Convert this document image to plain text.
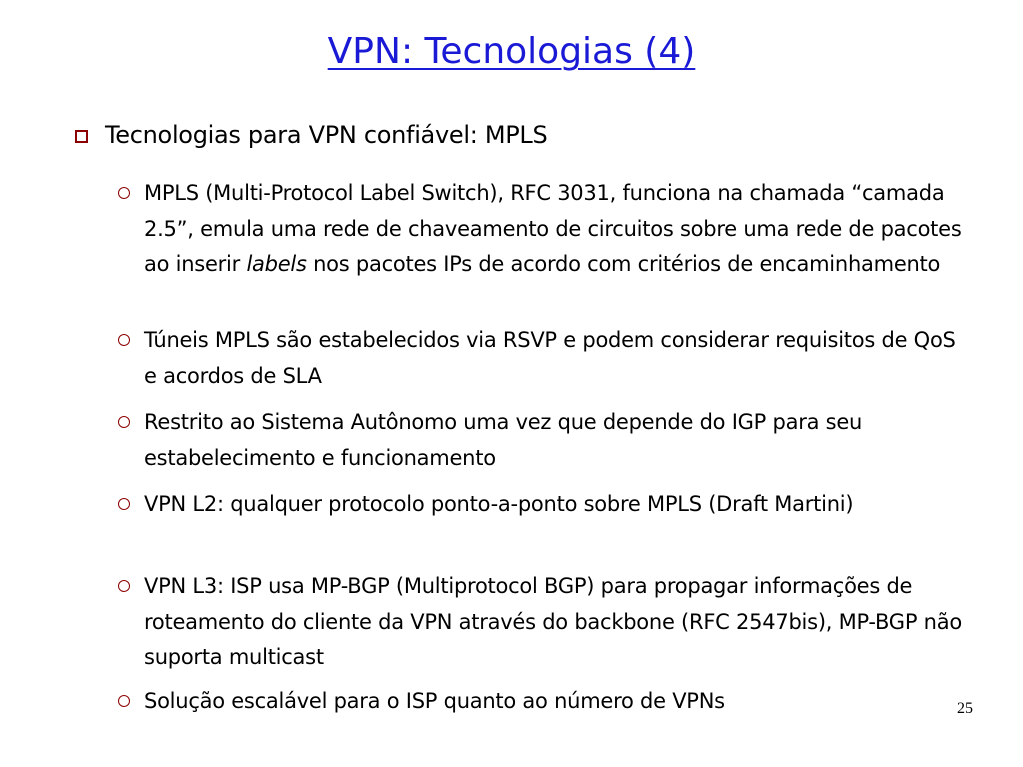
VPN: Tecnologias (4)
Tecnologias para VPN confiável: MPLS
MPLS (Multi-Protocol Label Switch), RFC 3031, funciona na chamada “camada 2.5”, emula uma rede de chaveamento de circuitos sobre uma rede de pacotes ao inserir labels nos pacotes IPs de acordo com critérios de encaminhamento
Túneis MPLS são estabelecidos via RSVP e podem considerar requisitos de QoS e acordos de SLA
Restrito ao Sistema Autônomo uma vez que depende do IGP para seu estabelecimento e funcionamento
VPN L2: qualquer protocolo ponto-a-ponto sobre MPLS (Draft Martini)
VPN L3: ISP usa MP-BGP (Multiprotocol BGP) para propagar informações de roteamento do cliente da VPN através do backbone (RFC 2547bis), MP-BGP não suporta multicast
Solução escalável para o ISP quanto ao número de VPNs	25
